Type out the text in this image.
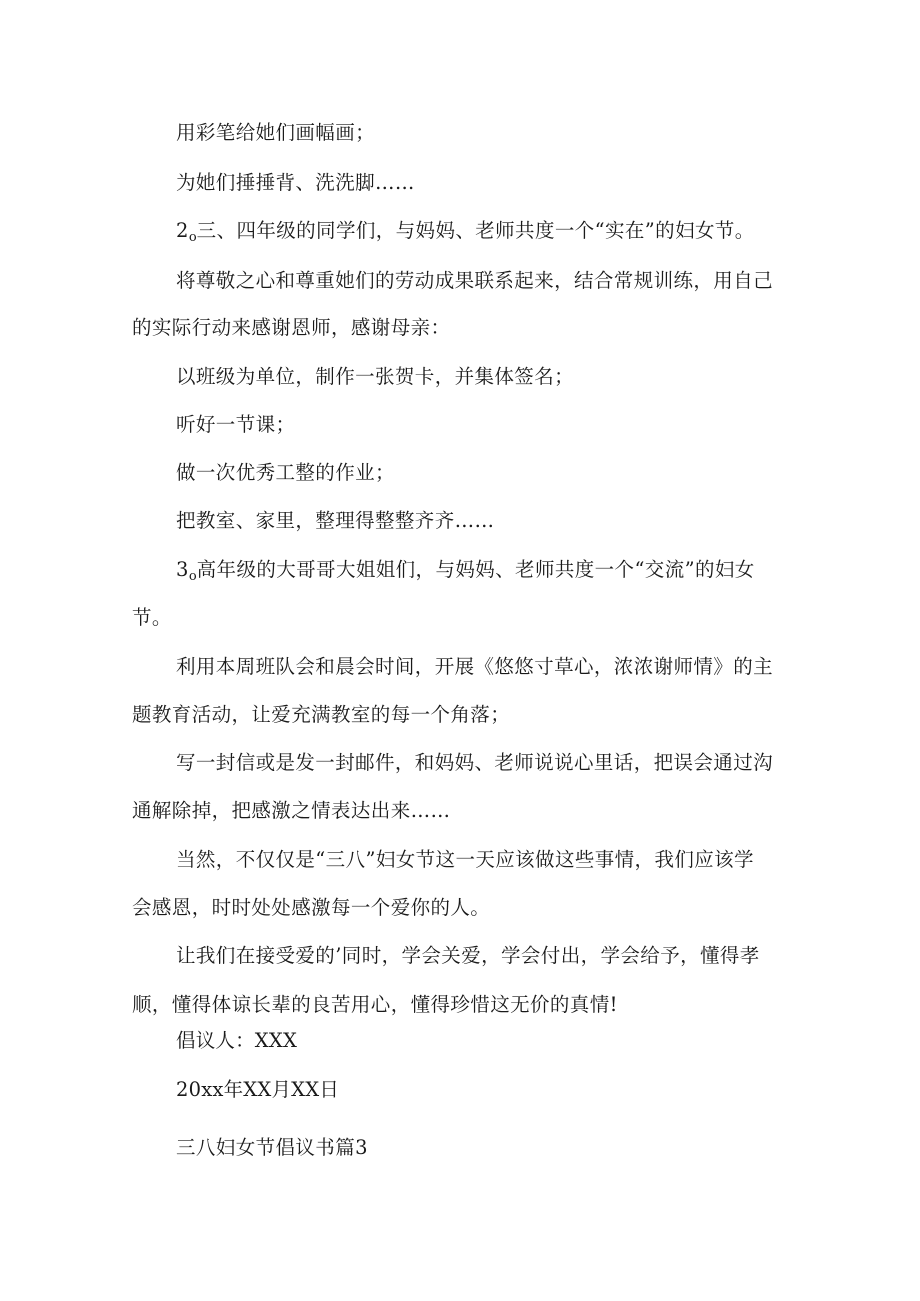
用彩笔给她们画幅画；
为她们捶捶背、洗洗脚……
$2_o$三、四年级的同学们，与妈妈、老师共度一个“实在”的妇女节。
将尊敬之心和尊重她们的劳动成果联系起来，结合常规训练，用自己
的实际行动来感谢恩师，感谢母亲：
以班级为单位，制作一张贺卡，并集体签名；
听好一节课；
做一次优秀工整的作业；
把教室、家里，整理得整整齐齐……
$3_o$高年级的大哥哥大姐姐们，与妈妈、老师共度一个“交流”的妇女
节。
利用本周班队会和晨会时间，开展《悠悠寸草心，浓浓谢师情》的主
题教育活动，让爱充满教室的每一个角落；
写一封信或是发一封邮件，和妈妈、老师说说心里话，把误会通过沟
通解除掉，把感激之情表达出来……
当然，不仅仅是“三八”妇女节这一天应该做这些事情，我们应该学
会感恩，时时处处感激每一个爱你的人。
让我们在接受爱的’同时，学会关爱，学会付出，学会给予，懂得孝
顺，懂得体谅长辈的良苦用心，懂得珍惜这无价的真情!
倡议人：XXX
20xx年XX月XX日
三八妇女节倡议书篇3
